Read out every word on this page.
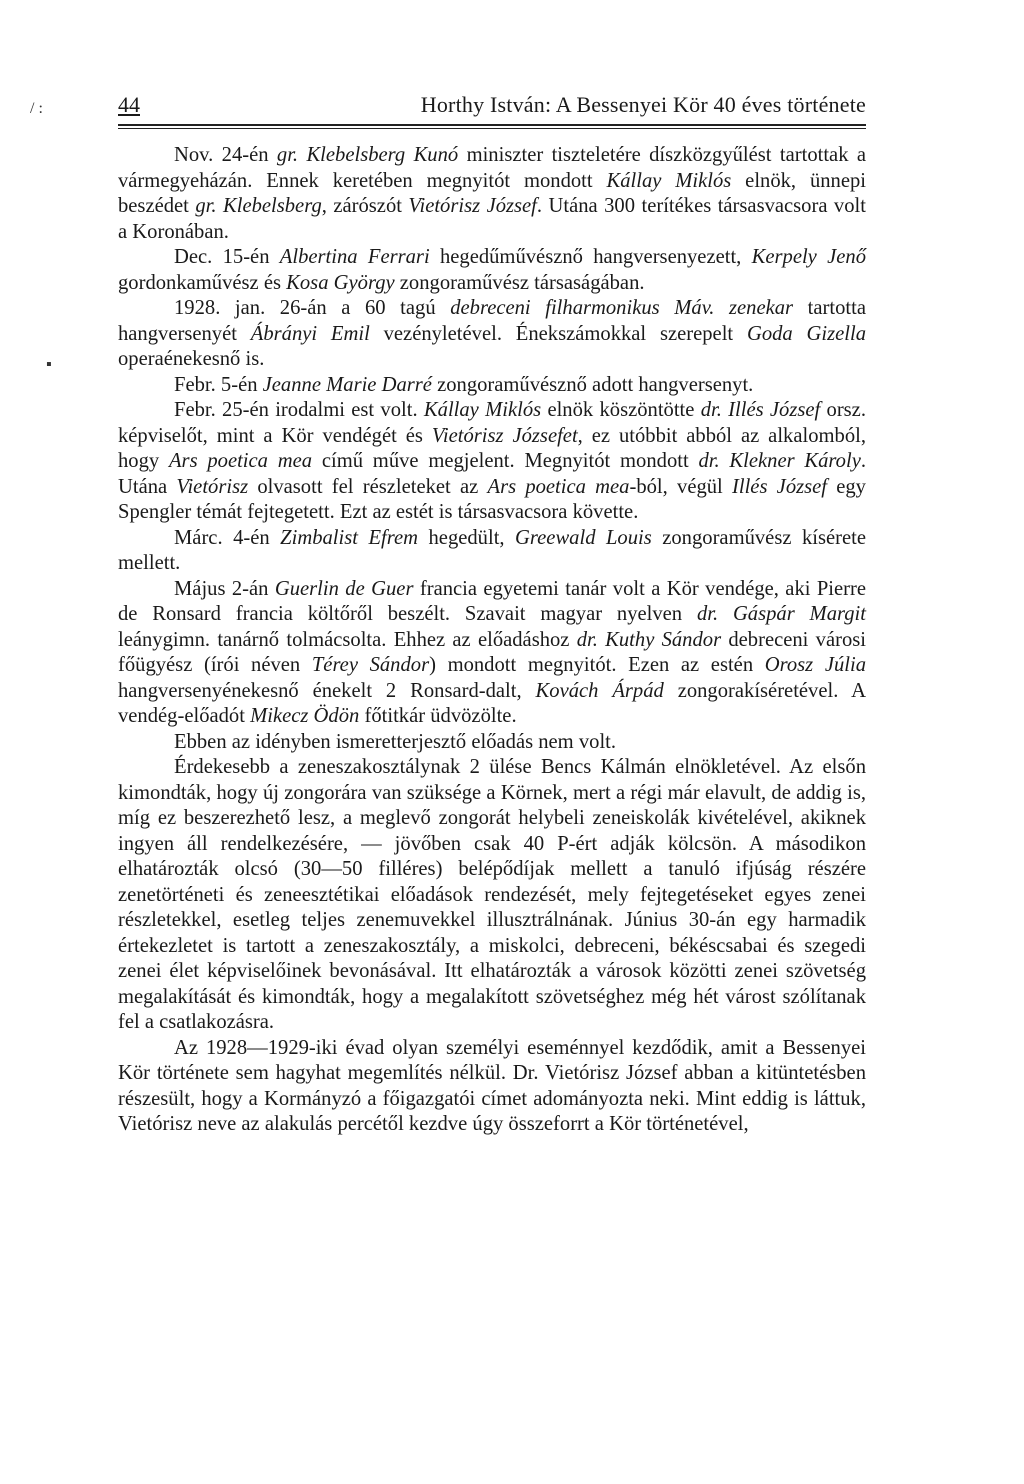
/ :
▪
44	Horthy István: A Bessenyei Kör 40 éves története

Nov. 24-én gr. Klebelsberg Kunó miniszter tiszteletére díszközgyűlést tartottak a vármegyeházán. Ennek keretében megnyitót mondott Kállay Miklós elnök, ünnepi beszédet gr. Klebelsberg, zárószót Vietórisz József. Utána 300 terítékes társasvacsora volt a Koronában.

Dec. 15-én Albertina Ferrari hegedűművésznő hangversenyezett, Kerpely Jenő gordonkaművész és Kosa György zongoraművész társaságában.

1928. jan. 26-án a 60 tagú debreceni filharmonikus Máv. zenekar tartotta hangversenyét Ábrányi Emil vezényletével. Énekszámokkal szerepelt Goda Gizella operaénekesnő is.

Febr. 5-én Jeanne Marie Darré zongoraművésznő adott hangversenyt.

Febr. 25-én irodalmi est volt. Kállay Miklós elnök köszöntötte dr. Illés József orsz. képviselőt, mint a Kör vendégét és Vietórisz Józsefet, ez utóbbit abból az alkalomból, hogy Ars poetica mea című műve megjelent. Megnyitót mondott dr. Klekner Károly. Utána Vietórisz olvasott fel részleteket az Ars poetica mea-ból, végül Illés József egy Spengler témát fejtegetett. Ezt az estét is társasvacsora követte.

Márc. 4-én Zimbalist Efrem hegedült, Greewald Louis zongoraművész kísérete mellett.

Május 2-án Guerlin de Guer francia egyetemi tanár volt a Kör vendége, aki Pierre de Ronsard francia költőről beszélt. Szavait magyar nyelven dr. Gáspár Margit leánygimn. tanárnő tolmácsolta. Ehhez az előadáshoz dr. Kuthy Sándor debreceni városi főügyész (írói néven Térey Sándor) mondott megnyitót. Ezen az estén Orosz Júlia hangversenyénekesnő énekelt 2 Ronsard-dalt, Kovách Árpád zongorakíséretével. A vendég-előadót Mikecz Ödön főtitkár üdvözölte.

Ebben az idényben ismeretterjesztő előadás nem volt.

Érdekesebb a zeneszakosztálynak 2 ülése Bencs Kálmán elnökletével. Az elsőn kimondták, hogy új zongorára van szüksége a Körnek, mert a régi már elavult, de addig is, míg ez beszerezhető lesz, a meglevő zongorát helybeli zeneiskolák kivételével, akiknek ingyen áll rendelkezésére, — jövőben csak 40 P-ért adják kölcsön. A másodikon elhatározták olcsó (30—50 filléres) belépődíjak mellett a tanuló ifjúság részére zenetörténeti és zeneesztétikai előadások rendezését, mely fejtegetéseket egyes zenei részletekkel, esetleg teljes zenemuvekkel illusztrálnának. Június 30-án egy harmadik értekezletet is tartott a zeneszakosztály, a miskolci, debreceni, békéscsabai és szegedi zenei élet képviselőinek bevonásával. Itt elhatározták a városok közötti zenei szövetség megalakítását és kimondták, hogy a megalakított szövetséghez még hét várost szólítanak fel a csatlakozásra.

Az 1928—1929-iki évad olyan személyi eseménnyel kezdődik, amit a Bessenyei Kör története sem hagyhat megemlítés nélkül. Dr. Vietórisz József abban a kitüntetésben részesült, hogy a Kormányzó a főigazgatói címet adományozta neki. Mint eddig is láttuk, Vietórisz neve az alakulás percétől kezdve úgy összeforrt a Kör történetével,
